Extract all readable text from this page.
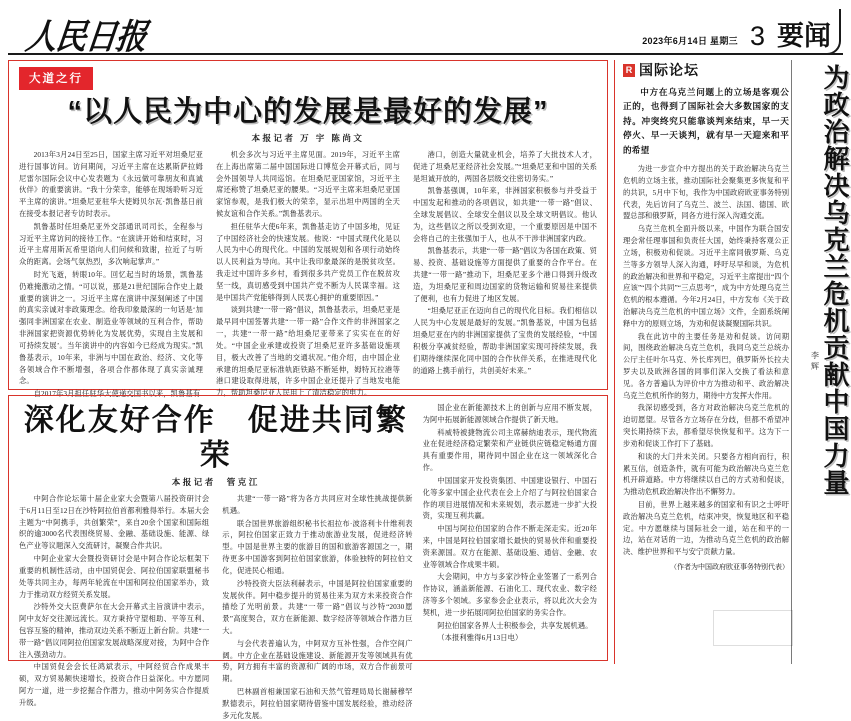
人民日报	2023年6月14日 星期三 3 要闻
大道之行
“以人民为中心的发展是最好的发展”
本报记者 万 宇 陈尚文

2013年3月24日至25日，国家主席习近平对坦桑尼亚进行国事访问。访问期间，习近平主席在达累斯萨拉姆尼雷尔国际会议中心发表题为《永远做可靠朋友和真诚伙伴》的重要演讲。“我十分荣幸，能够在现场聆听习近平主席的演讲。”坦桑尼亚驻华大使姆贝尔瓦·凯鲁基日前在接受本报记者专访时表示。

凯鲁基时任坦桑尼亚外交部通讯司司长，全程参与习近平主席访问的接待工作。“在演讲开始和结束时，习近平主席用斯瓦希里语向人们问候和致谢，拉近了与听众的距离。会场气氛热烈，多次响起掌声。”

时光飞逝，转眼10年。回忆起当时的场景，凯鲁基仍难掩激动之情。“可以说，那是21世纪国际合作史上最重要的演讲之一。习近平主席在演讲中深刻阐述了中国的真实亲诚对非政策理念。给我印象最深的一句话是‘加强同非洲国家在农业、制造业等领域的互利合作，帮助非洲国家把资源优势转化为发展优势，实现自主发展和可持续发展’。当年演讲中的内容如今已经成为现实。”凯鲁基表示，10年来，非洲与中国在政治、经济、文化等各领域合作不断增强，各项合作都体现了真实亲诚理念。

自2017年3月担任驻华大使递交国书以来，凯鲁基有

机会多次与习近平主席见面。2019年，习近平主席在上海出席第二届中国国际进口博览会开幕式后，同与会外国领导人共同巡馆。在坦桑尼亚国家馆，习近平主席还称赞了坦桑尼亚的腰果。“习近平主席来坦桑尼亚国家馆参观，是我们极大的荣幸，显示出坦中两国的全天候友谊和合作关系。”凯鲁基表示。

担任驻华大使6年来，凯鲁基走访了中国多地，见证了中国经济社会的快速发展。他说：“中国式现代化是以人民为中心的现代化。中国的发展规划和各项行动始终以人民利益为导向。其中让我印象最深的是脱贫攻坚。我走过中国许多乡村，看到很多共产党员工作在脱贫攻坚一线，真切感受到中国共产党不断为人民谋幸福。这是中国共产党能够得到人民衷心拥护的重要原因。”

谈到共建“一带一路”倡议，凯鲁基表示，坦桑尼亚是最早同中国签署共建“一带一路”合作文件的非洲国家之一，共建“一带一路”给坦桑尼亚带来了实实在在的好处。“中国企业承建或投资了坦桑尼亚许多基础设施项目，极大改善了当地的交通状况。”他介绍，由中国企业承建的坦桑尼亚标准轨距铁路不断延伸，姆特瓦拉港等港口建设取得进展，许多中国企业还提升了当地发电能力，帮助坦桑尼亚人民用上了清洁稳定的电力。

港口，创造大量就业机会，培养了大批技术人才，促进了坦桑尼亚经济社会发展。”“坦桑尼亚和中国的关系是坦诚开放的，两国各层级交往密切务实。”

凯鲁基强调，10年来，非洲国家积极参与并受益于中国发起和推动的各项倡议，如共建“一带一路”倡议、全球发展倡议、全球安全倡议以及全球文明倡议。他认为，这些倡议之所以受到欢迎，一个重要原因是中国不会将自己的主张强加于人，也从不干涉非洲国家内政。

凯鲁基表示，共建“一带一路”倡议为各国在政策、贸易、投资、基础设施等方面提供了重要的合作平台。在共建“一带一路”推动下，坦桑尼亚多个港口得到升级改造，为坦桑尼亚和周边国家的货物运输和贸易往来提供了便利，也有力促进了地区发展。

“坦桑尼亚正在迈向自己的现代化目标。我们相信以人民为中心发展是最好的发展。”凯鲁基说，中国为包括坦桑尼亚在内的非洲国家提供了宝贵的发展经验，“中国积极分享减贫经验，帮助非洲国家实现可持续发展，我们期待继续深化同中国的合作伙伴关系，在推进现代化的道路上携手前行，共创美好未来。”

深化友好合作　促进共同繁荣
本报记者　管克江

中阿合作论坛第十届企业家大会暨第八届投资研讨会于6月11日至12日在沙特阿拉伯首都利雅得举行。本届大会主题为“中阿携手，共创繁荣”，来自20余个国家和国际组织的逾3000名代表围绕贸易、金融、基础设施、能源、绿色产业等议题深入交流研讨，凝聚合作共识。

中阿企业家大会暨投资研讨会是中阿合作论坛框架下重要的机制性活动，由中国贸促会、阿拉伯国家联盟秘书处等共同主办，每两年轮流在中国和阿拉伯国家举办，致力于推动双方经贸关系发展。

沙特外交大臣费萨尔在大会开幕式主旨演讲中表示，阿中友好交往源远流长。双方秉持守望相助、平等互利、包容互鉴的精神，推动双边关系不断迈上新台阶。共建“一带一路”倡议同阿拉伯国家发展战略深度对接，为阿中合作注入强劲动力。

中国贸促会会长任鸿斌表示，中阿经贸合作成果丰硕，双方贸易额快速增长，投资合作日益深化。中方愿同阿方一道，进一步挖掘合作潜力，推动中阿务实合作提质升级。

共建“一带一路”将为各方共同应对全球性挑战提供新机遇。

联合国世界旅游组织秘书长祖拉布·波洛利卡什维利表示，阿拉伯国家正致力于推动旅游业发展，促进经济转型。中国是世界主要的旅游目的国和旅游客源国之一，期待更多中国游客到阿拉伯国家旅游，体验独特的阿拉伯文化，促进民心相通。

沙特投资大臣法利赫表示，中国是阿拉伯国家重要的发展伙伴。阿中稳步提升的贸易往来为双方未来投资合作描绘了光明前景。共建“一带一路”倡议与沙特“2030愿景”高度契合，双方在新能源、数字经济等领域合作潜力巨大。

与会代表普遍认为，中阿双方互补性强，合作空间广阔。中方企业在基础设施建设、新能源开发等领域具有优势，阿方拥有丰富的资源和广阔的市场，双方合作前景可期。

巴林副首相兼国家石油和天然气管理局局长谢赫穆罕默德表示，阿拉伯国家期待借鉴中国发展经验，推动经济多元化发展。

国企业在新能源技术上的创新与应用不断发展，为阿中拓展新能源领域合作提供了新天地。

科威特被捷物流公司主席赫纳迪表示，现代物流业在促进经济稳定繁荣和产业链供应链稳定畅通方面具有重要作用，期待同中国企业在这一领域深化合作。

中国国家开发投资集团、中国建设银行、中国石化等多家中国企业代表在会上介绍了与阿拉伯国家合作的项目进展情况和未来规划，表示愿进一步扩大投资，实现互利共赢。

中国与阿拉伯国家的合作不断走深走实。近20年来，中国是阿拉伯国家增长最快的贸易伙伴和重要投资来源国。双方在能源、基础设施、通信、金融、农业等领域合作成果丰硕。

大会期间，中方与多家沙特企业签署了一系列合作协议，涵盖新能源、石油化工、现代农业、数字经济等多个领域。多家参会企业表示，将以此次大会为契机，进一步拓展同阿拉伯国家的务实合作。

阿拉伯国家各界人士积极参会，共享发展机遇。

（本报利雅得6月13日电）

R 国际论坛
中方在乌克兰问题上的立场是客观公正的，也得到了国际社会大多数国家的支持。冲突终究只能靠谈判来结束，早一天停火、早一天谈判，就有早一天迎来和平的希望

为进一步宣介中方提出的关于政治解决乌克兰危机的立场主张，推动国际社会聚集更多恢复和平的共识，5月中下旬，我作为中国政府欧亚事务特别代表，先后访问了乌克兰、波兰、法国、德国、欧盟总部和俄罗斯，同各方进行深入沟通交流。

乌克兰危机全面升级以来，中国作为联合国安理会常任理事国和负责任大国，始终秉持客观公正立场，积极劝和促谈。习近平主席同俄罗斯、乌克兰等多方领导人深入沟通，呼吁尽早和谈，为危机的政治解决和世界和平稳定，习近平主席提出“四个应该”“四个共同”“三点思考”，成为中方处理乌克兰危机的根本遵循。今年2月24日，中方发布《关于政治解决乌克兰危机的中国立场》文件，全面系统阐释中方的原则立场，为劝和促谈凝聚国际共识。

我在此访中的主要任务是劝和促谈。访问期间，围绕政治解决乌克兰危机，我同乌克兰总统办公厅主任叶尔马克、外长库列巴，俄罗斯外长拉夫罗夫以及欧洲各国的同事们深入交换了看法和意见。各方普遍认为评价中方为推动和平、政治解决乌克兰危机所作的努力，期待中方发挥大作用。

我深切感受到，各方对政治解决乌克兰危机的迫切愿望。尽管各方立场存在分歧，但都不希望冲突长期持续下去，都希望尽快恢复和平。这为下一步劝和促谈工作打下了基础。

和谈的大门并未关闭。只要各方相向而行，积累互信，创造条件，就有可能为政治解决乌克兰危机开辟道路。中方将继续以自己的方式劝和促谈，为推动危机政治解决作出不懈努力。

目前，世界上越来越多的国家和有识之士呼吁政治解决乌克兰危机，结束冲突，恢复地区和平稳定。中方愿继续与国际社会一道，站在和平的一边，站在对话的一边，为推动乌克兰危机的政治解决、维护世界和平与安宁贡献力量。

（作者为中国政府欧亚事务特别代表）
李辉 为政治解决乌克兰危机贡献中国力量
